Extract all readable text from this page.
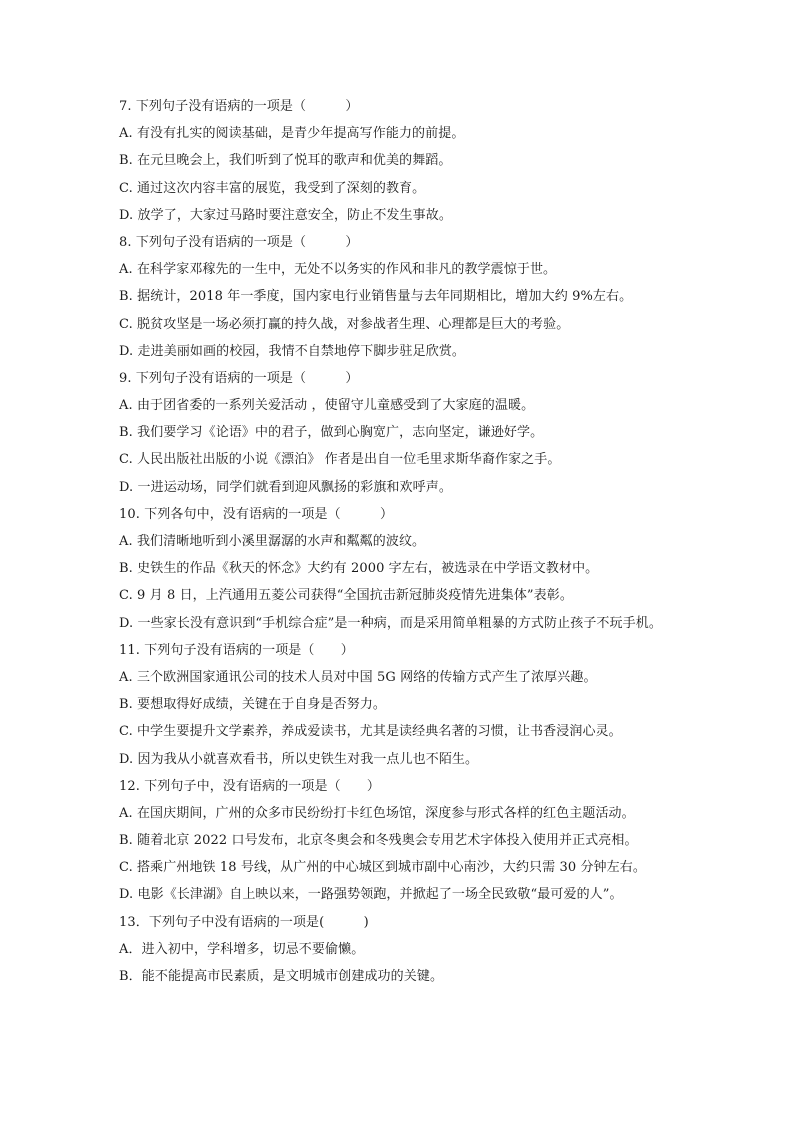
7. 下列句子没有语病的一项是（　　　）
A. 有没有扎实的阅读基础，是青少年提高写作能力的前提。
B. 在元旦晚会上，我们听到了悦耳的歌声和优美的舞蹈。
C. 通过这次内容丰富的展览，我受到了深刻的教育。
D. 放学了，大家过马路时要注意安全，防止不发生事故。
8. 下列句子没有语病的一项是（　　　）
A. 在科学家邓稼先的一生中，无处不以务实的作风和非凡的教学震惊于世。
B. 据统计，2018 年一季度，国内家电行业销售量与去年同期相比，增加大约 9%左右。
C. 脱贫攻坚是一场必须打赢的持久战，对参战者生理、心理都是巨大的考验。
D. 走进美丽如画的校园，我情不自禁地停下脚步驻足欣赏。
9. 下列句子没有语病的一项是（　　　）
A. 由于团省委的一系列关爱活动 ，使留守儿童感受到了大家庭的温暖。
B. 我们要学习《论语》中的君子，做到心胸宽广，志向坚定，谦逊好学。
C. 人民出版社出版的小说《漂泊》 作者是出自一位毛里求斯华裔作家之手。
D. 一进运动场，同学们就看到迎风飘扬的彩旗和欢呼声。
10. 下列各句中，没有语病的一项是（　　　）
A. 我们清晰地听到小溪里潺潺的水声和粼粼的波纹。
B. 史铁生的作品《秋天的怀念》大约有 2000 字左右，被选录在中学语文教材中。
C. 9 月 8 日，上汽通用五菱公司获得“全国抗击新冠肺炎疫情先进集体”表彰。
D. 一些家长没有意识到“手机综合症”是一种病，而是采用简单粗暴的方式防止孩子不玩手机。
11. 下列句子没有语病的一项是（　　）
A. 三个欧洲国家通讯公司的技术人员对中国 5G 网络的传输方式产生了浓厚兴趣。
B. 要想取得好成绩，关键在于自身是否努力。
C. 中学生要提升文学素养，养成爱读书，尤其是读经典名著的习惯，让书香浸润心灵。
D. 因为我从小就喜欢看书，所以史铁生对我一点儿也不陌生。
12. 下列句子中，没有语病的一项是（　　）
A. 在国庆期间，广州的众多市民纷纷打卡红色场馆，深度参与形式各样的红色主题活动。
B. 随着北京 2022 口号发布，北京冬奥会和冬残奥会专用艺术字体投入使用并正式亮相。
C. 搭乘广州地铁 18 号线，从广州的中心城区到城市副中心南沙，大约只需 30 分钟左右。
D. 电影《长津湖》自上映以来，一路强势领跑，并掀起了一场全民致敬“最可爱的人”。
13．下列句子中没有语病的一项是(　　　)
A．进入初中，学科增多，切忌不要偷懒。
B．能不能提高市民素质，是文明城市创建成功的关键。
